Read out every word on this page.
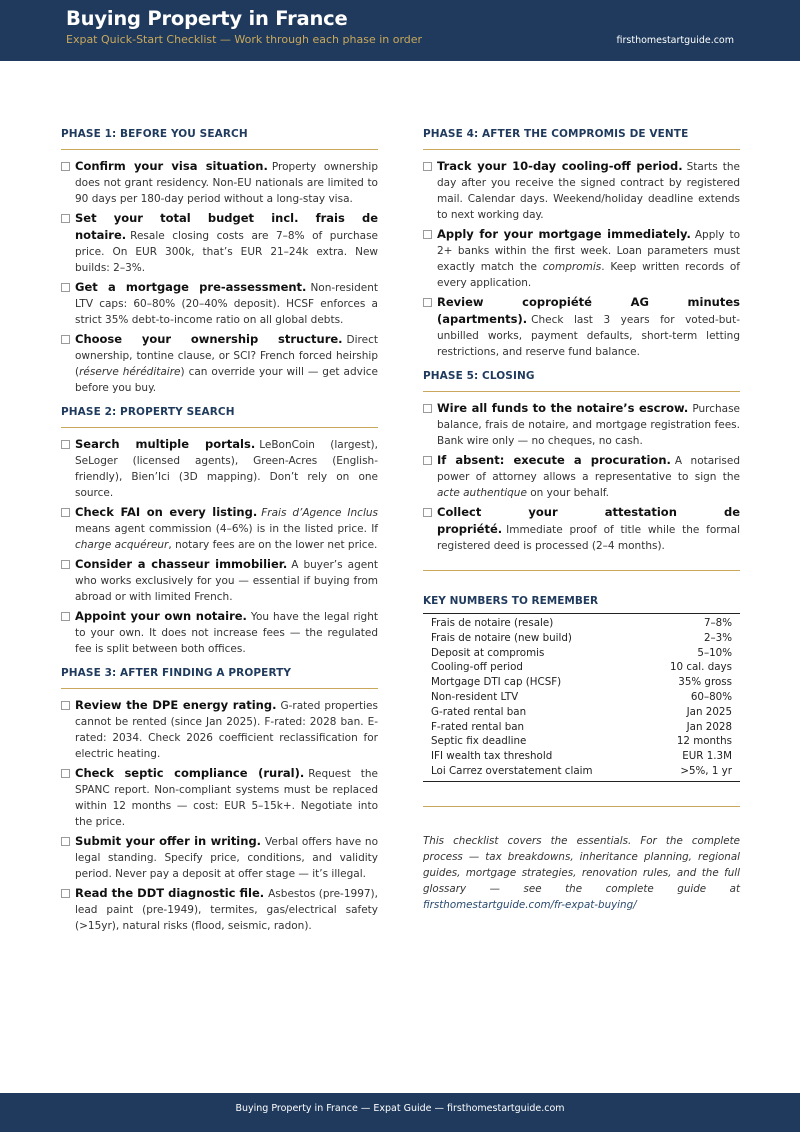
Buying Property in France
Expat Quick-Start Checklist — Work through each phase in order	firsthomestartguide.com
PHASE 1: BEFORE YOU SEARCH
Confirm your visa situation. Property ownership does not grant residency. Non-EU nationals are limited to 90 days per 180-day period without a long-stay visa.
Set your total budget incl. frais de notaire. Resale closing costs are 7–8% of purchase price. On EUR 300k, that’s EUR 21–24k extra. New builds: 2–3%.
Get a mortgage pre-assessment. Non-resident LTV caps: 60–80% (20–40% deposit). HCSF enforces a strict 35% debt-to-income ratio on all global debts.
Choose your ownership structure. Direct ownership, tontine clause, or SCI? French forced heirship (réserve héréditaire) can override your will — get advice before you buy.
PHASE 2: PROPERTY SEARCH
Search multiple portals. LeBonCoin (largest), SeLoger (licensed agents), Green-Acres (English-friendly), Bien’Ici (3D mapping). Don’t rely on one source.
Check FAI on every listing. Frais d’Agence Inclus means agent commission (4–6%) is in the listed price. If charge acquéreur, notary fees are on the lower net price.
Consider a chasseur immobilier. A buyer’s agent who works exclusively for you — essential if buying from abroad or with limited French.
Appoint your own notaire. You have the legal right to your own. It does not increase fees — the regulated fee is split between both offices.
PHASE 3: AFTER FINDING A PROPERTY
Review the DPE energy rating. G-rated properties cannot be rented (since Jan 2025). F-rated: 2028 ban. E-rated: 2034. Check 2026 coefficient reclassification for electric heating.
Check septic compliance (rural). Request the SPANC report. Non-compliant systems must be replaced within 12 months — cost: EUR 5–15k+. Negotiate into the price.
Submit your offer in writing. Verbal offers have no legal standing. Specify price, conditions, and validity period. Never pay a deposit at offer stage — it’s illegal.
Read the DDT diagnostic file. Asbestos (pre-1997), lead paint (pre-1949), termites, gas/electrical safety (>15yr), natural risks (flood, seismic, radon).
PHASE 4: AFTER THE COMPROMIS DE VENTE
Track your 10-day cooling-off period. Starts the day after you receive the signed contract by registered mail. Calendar days. Weekend/holiday deadline extends to next working day.
Apply for your mortgage immediately. Apply to 2+ banks within the first week. Loan parameters must exactly match the compromis. Keep written records of every application.
Review copropiété AG minutes (apartments). Check last 3 years for voted-but-unbilled works, payment defaults, short-term letting restrictions, and reserve fund balance.
PHASE 5: CLOSING
Wire all funds to the notaire’s escrow. Purchase balance, frais de notaire, and mortgage registration fees. Bank wire only — no cheques, no cash.
If absent: execute a procuration. A notarised power of attorney allows a representative to sign the acte authentique on your behalf.
Collect your attestation de propriété. Immediate proof of title while the formal registered deed is processed (2–4 months).
KEY NUMBERS TO REMEMBER
Frais de notaire (resale)	7–8%
Frais de notaire (new build)	2–3%
Deposit at compromis	5–10%
Cooling-off period	10 cal. days
Mortgage DTI cap (HCSF)	35% gross
Non-resident LTV	60–80%
G-rated rental ban	Jan 2025
F-rated rental ban	Jan 2028
Septic fix deadline	12 months
IFI wealth tax threshold	EUR 1.3M
Loi Carrez overstatement claim	>5%, 1 yr
This checklist covers the essentials. For the complete process — tax breakdowns, inheritance planning, regional guides, mortgage strategies, renovation rules, and the full glossary — see the complete guide at firsthomestartguide.com/fr-expat-buying/
Buying Property in France — Expat Guide — firsthomestartguide.com
